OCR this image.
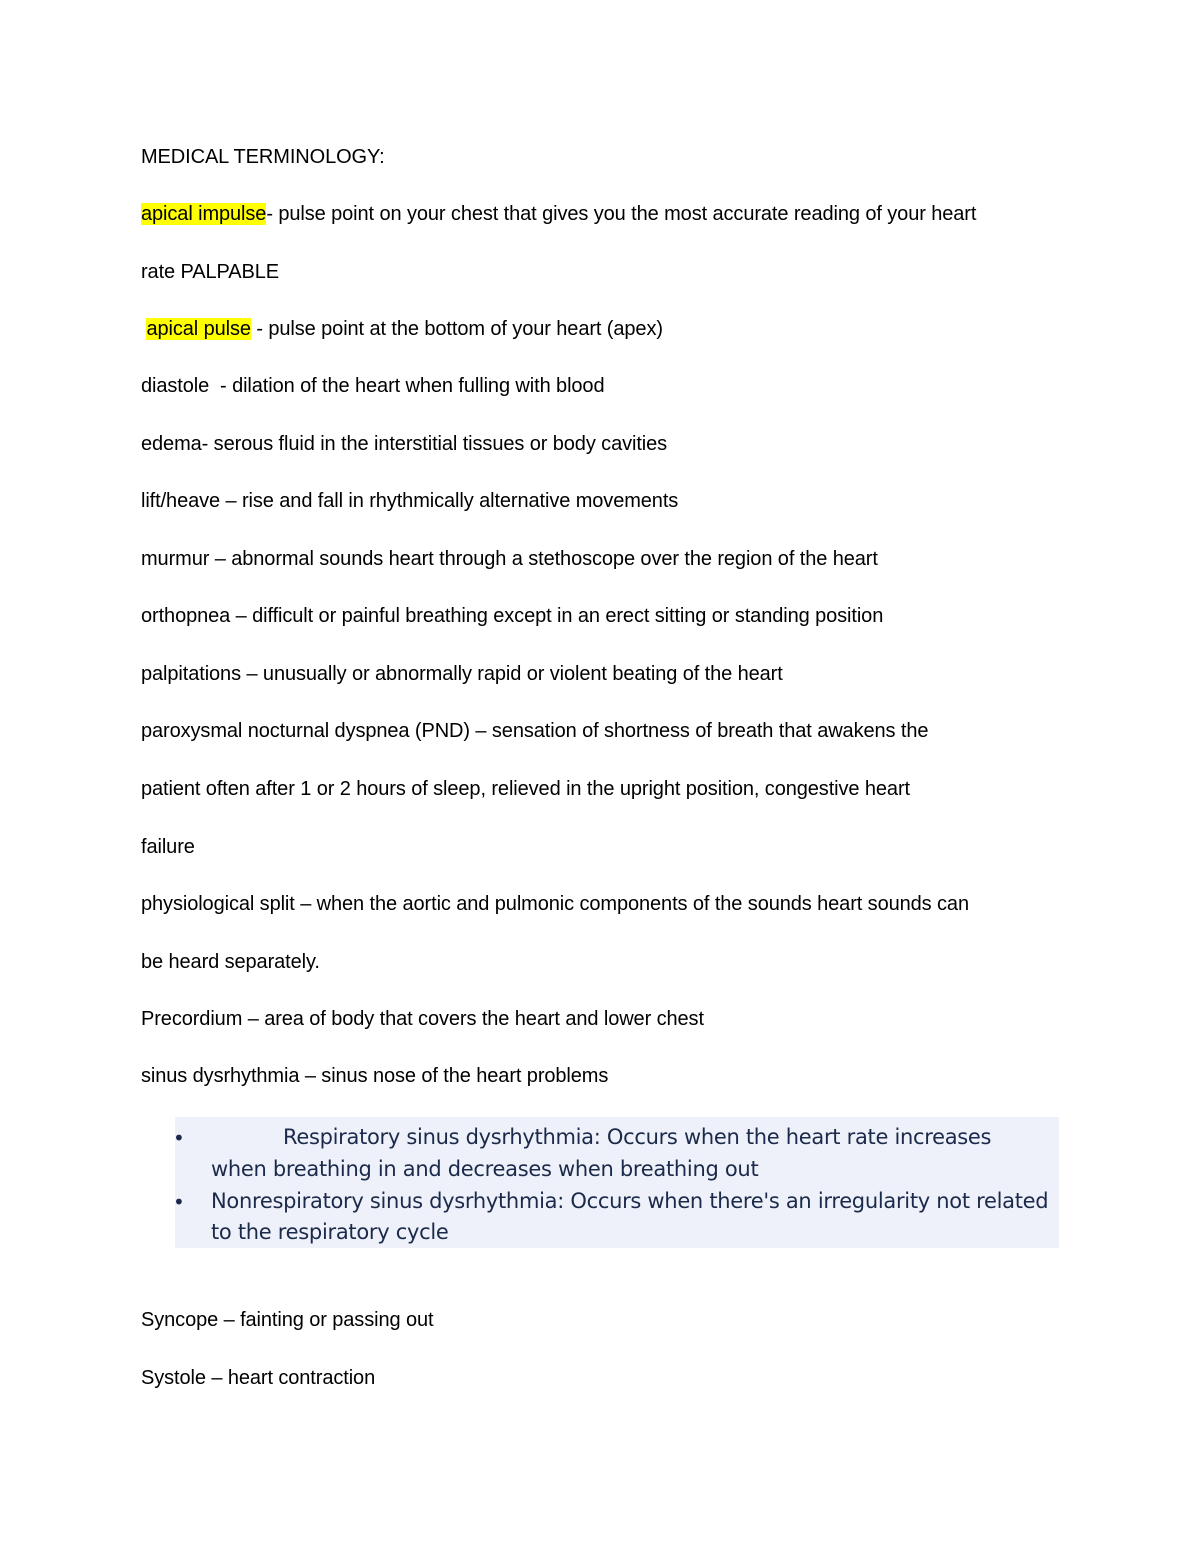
MEDICAL TERMINOLOGY:
apical impulse- pulse point on your chest that gives you the most accurate reading of your heart
rate PALPABLE
apical pulse - pulse point at the bottom of your heart (apex)
diastole  - dilation of the heart when fulling with blood
edema- serous fluid in the interstitial tissues or body cavities
lift/heave – rise and fall in rhythmically alternative movements
murmur – abnormal sounds heart through a stethoscope over the region of the heart
orthopnea – difficult or painful breathing except in an erect sitting or standing position
palpitations – unusually or abnormally rapid or violent beating of the heart
paroxysmal nocturnal dyspnea (PND) – sensation of shortness of breath that awakens the
patient often after 1 or 2 hours of sleep, relieved in the upright position, congestive heart
failure
physiological split – when the aortic and pulmonic components of the sounds heart sounds can
be heard separately.
Precordium – area of body that covers the heart and lower chest
sinus dysrhythmia – sinus nose of the heart problems
•	Respiratory sinus dysrhythmia: Occurs when the heart rate increases
when breathing in and decreases when breathing out
• Nonrespiratory sinus dysrhythmia: Occurs when there's an irregularity not related
to the respiratory cycle
Syncope – fainting or passing out
Systole – heart contraction
